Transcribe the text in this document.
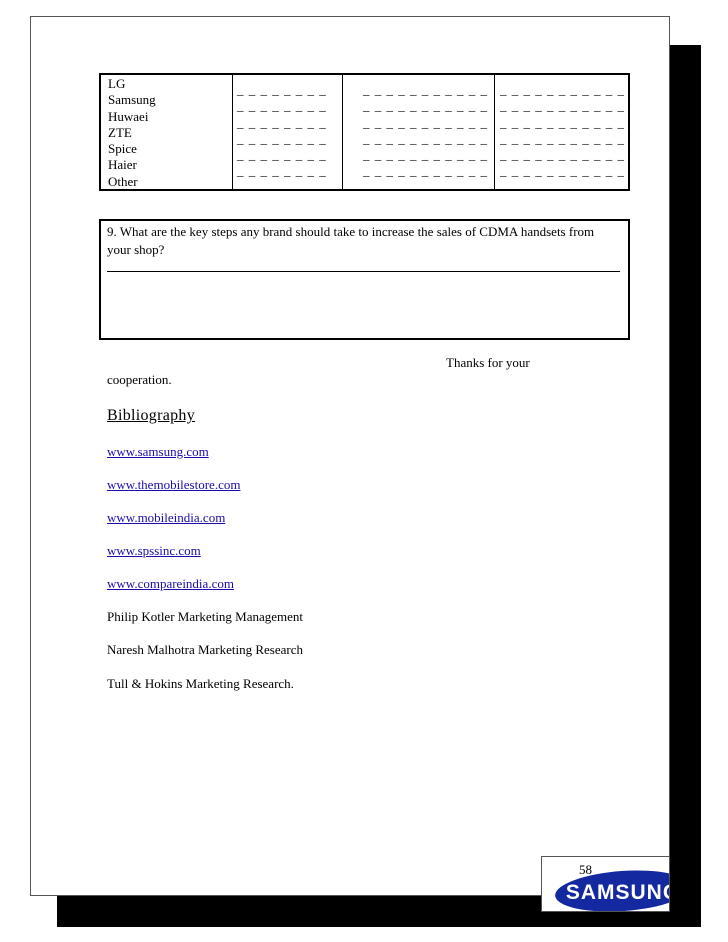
LG
Samsung
Huwaei
ZTE
Spice
Haier
Other
_ _ _ _ _ _ _ _
_ _ _ _ _ _ _ _
_ _ _ _ _ _ _ _
_ _ _ _ _ _ _ _
_ _ _ _ _ _ _ _
_ _ _ _ _ _ _ _
_ _ _ _ _ _ _ _ _ _ _
_ _ _ _ _ _ _ _ _ _ _
_ _ _ _ _ _ _ _ _ _ _
_ _ _ _ _ _ _ _ _ _ _
_ _ _ _ _ _ _ _ _ _ _
_ _ _ _ _ _ _ _ _ _ _
_ _ _ _ _ _ _ _ _ _ _
_ _ _ _ _ _ _ _ _ _ _
_ _ _ _ _ _ _ _ _ _ _
_ _ _ _ _ _ _ _ _ _ _
_ _ _ _ _ _ _ _ _ _ _
_ _ _ _ _ _ _ _ _ _ _
9. What are the key steps any brand should take to increase the sales of CDMA handsets from your shop?
Thanks for your
cooperation.
Bibliography
www.samsung.com
www.themobilestore.com
www.mobileindia.com
www.spssinc.com
www.compareindia.com
Philip Kotler Marketing Management
Naresh Malhotra Marketing Research
Tull & Hokins Marketing Research.
SAMSUNG
58
